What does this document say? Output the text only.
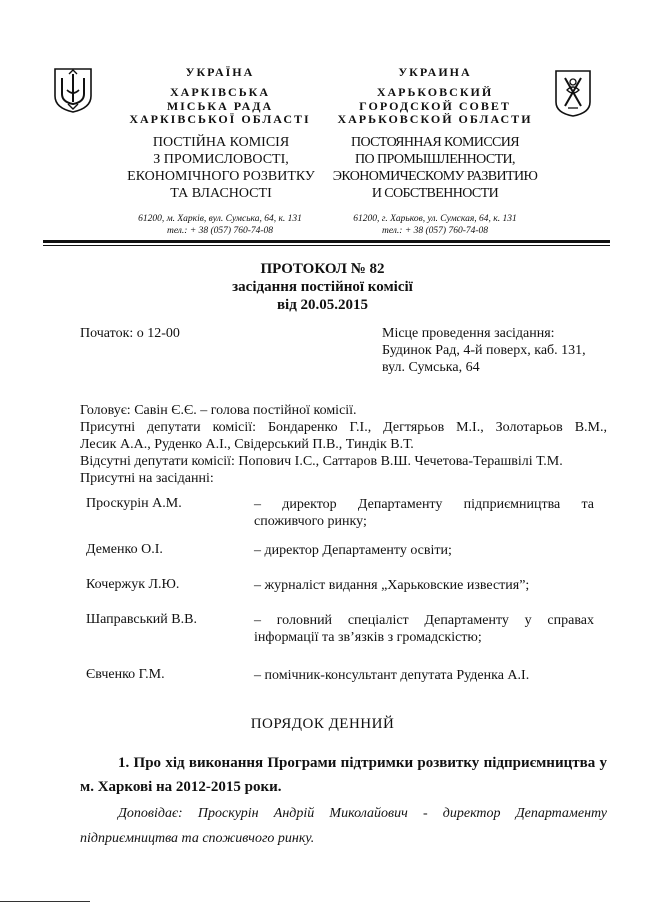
УКРАЇНА
ХАРКІВСЬКА
МІСЬКА РАДА
ХАРКІВСЬКОЇ ОБЛАСТІ
ПОСТІЙНА КОМІСІЯ
З ПРОМИСЛОВОСТІ,
ЕКОНОМІЧНОГО РОЗВИТКУ
ТА ВЛАСНОСТІ
61200, м. Харків, вул. Сумська, 64, к. 131
тел.: + 38 (057) 760-74-08
УКРАИНА
ХАРЬКОВСКИЙ
ГОРОДСКОЙ СОВЕТ
ХАРЬКОВСКОЙ ОБЛАСТИ
ПОСТОЯННАЯ КОМИССИЯ
ПО ПРОМЫШЛЕННОСТИ,
ЭКОНОМИЧЕСКОМУ РАЗВИТИЮ
И СОБСТВЕННОСТИ
61200, г. Харьков, ул. Сумская, 64, к. 131
тел.: + 38 (057) 760-74-08
ПРОТОКОЛ № 82
засідання постійної комісії
від 20.05.2015
Початок: о 12-00	Місце проведення засідання:
Будинок Рад, 4-й поверх, каб. 131,
вул. Сумська, 64
Головує: Савін Є.Є. – голова постійної комісії.
Присутні депутати комісії: Бондаренко Г.І., Дегтярьов М.І., Золотарьов В.М.,
Лесик А.А., Руденко А.І., Свідерський П.В., Тиндік В.Т.
Відсутні депутати комісії: Попович І.С., Саттаров В.Ш. Чечетова-Терашвілі Т.М.
Присутні на засіданні:
Проскурін А.М.	– директор Департаменту підприємництва та
споживчого ринку;
Деменко О.І.	– директор Департаменту освіти;
Кочержук Л.Ю.	– журналіст видання „Харьковские известия”;
Шаправський В.В.	– головний спеціаліст Департаменту у справах
інформації та зв’язків з громадскістю;
Євченко Г.М.	– помічник-консультант депутата Руденка А.І.
ПОРЯДОК ДЕННИЙ
1. Про хід виконання Програми підтримки розвитку підприємництва у
м. Харкові на 2012-2015 роки.
Доповідає: Проскурін Андрій Миколайович - директор Департаменту
підприємництва та споживчого ринку.
